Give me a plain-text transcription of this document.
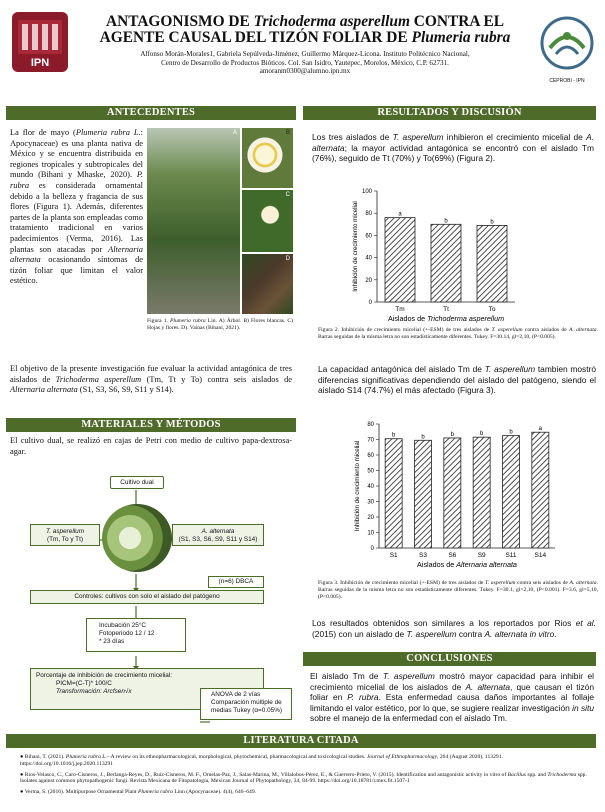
IPN
ANTAGONISMO DE Trichoderma asperellum CONTRA EL
AGENTE CAUSAL DEL TIZÓN FOLIAR DE Plumeria rubra
Alfonso Morán-Morales1, Gabriela Sepúlveda-Jiménez, Guillermo Márquez-Licona. Instituto Politécnico Nacional,
Centro de Desarrollo de Productos Bióticos. Col. San Isidro, Yautepec, Morelos, México, C.P. 62731.
amoranm0300@alumno.ipn.mx
CEPROBI - IPN
ANTECEDENTES
La flor de mayo (Plumeria rubra L.: Apocynaceae) es una planta nativa de México y se encuentra distribuida en regiones tropicales y subtropicales del mundo (Bihani y Mhaske, 2020). P. rubra es considerada ornamental debido a la belleza y fragancia de sus flores (Figura 1). Además, diferentes partes de la planta son empleadas como tratamiento tradicional en varios padecimientos (Verma, 2016). Las plantas son atacadas por Alternaria alternata ocasionando síntomas de tizón foliar que limitan el valor estético.
A	B
C
D
Figura 1. Plumeria rubra Lin. A) Árbol. B) Flores blancas. C) Hojas y flores. D). Vainas (Bihani, 2021).
El objetivo de la presente investigación fue evaluar la actividad antagónica de tres aislados de Trichoderma asperellum (Tm, Tt y To) contra seis aislados de Alternaria alternata (S1, S3, S6, S9, S11 y S14).
MATERIALES Y MÉTODOS
El cultivo dual, se realizó en cajas de Petri con medio de cultivo papa-dextrosa-agar.
Cultivo dual
T. asperellum
(Tm, To y Tt)
A. alternata
(S1, S3, S6, S9, S11 y S14)
(n=6) DBCA
Controles: cultivos con solo el aislado del patógeno
Incubación 25°C
Fotoperiodo 12 / 12
* 23 días
Porcentaje de inhibición de crecimiento micelial:
PICM=(C-T)* 100/C
Transformación: Arcfsen√x	ANOVA de 2 vías
Comparación múltiple de medias Tukey (α=0.05%)
RESULTADOS Y DISCUSIÓN
Los tres aislados de T. asperellum inhibieron el crecimiento micelial de A. alternata; la mayor actividad antagónica se encontró con el aislado Tm (76%), seguido de Tt (70%) y To(69%) (Figura 2).
0
20
40
60
80
100
a
Tm
b
Tt
b
To
Aislados de Trichoderma asperellum
Inhibición de crecimiento micelial
Figura 2. Inhibición de crecimiento micelial (+-ESM) de tres aislados de T. asperellum contra aislados de A. alternata. Barras seguidas de la misma letra no son estadísticamente diferentes. Tukey. F=30.14, gl=2,10, (P<0.005).
La capacidad antagónica del aislado Tm de T. asperellum tambien mostró diferencias significativas dependiendo del aislado del patógeno, siendo el aislado S14 (74.7%) el más afectado (Figura 3).
0
10
20
30
40
50
60
70
80
b
S1
b
S3
b
S6
b
S9
b
S11
a
S14
Aislados de Alternaria alternata
Inhibición de crecimiento micelial
Figura 3. Inhibición de crecimiento micelial (+-ESM) de tres aislados de T. asperellum contra seis aislados de A. alternata. Barras seguidas de la misma letra no son estadísticamente diferentes. Tukey. F=30.1, gl=2,10, (P<0.001). F=3.6, gl=5,10, (P<0.005).
Los resultados obtenidos son similares a los reportados por Rios et al. (2015) con un aislado de T. asperellum contra A. alternata in vitro.
CONCLUSIONES
El aislado Tm de T. asperellum mostró mayor capacidad para inhibir el crecimiento micelial de los aislados de A. alternata, que causan el tizón foliar en P. rubra. Esta enfermedad causa daños importantes al follaje limitando el valor estético, por lo que, se sugiere realizar investigación in situ sobre el manejo de la enfermedad con el aislado Tm.
LITERATURA CITADA
● Bihani, T. (2021). Plumeria rubra L.– A review on its ethnopharmacological, morphological, phytochemical, pharmacological and toxicological studies. Journal of Ethnopharmacology, 264 (August 2020), 113291. https://doi.org/10.1016/j.jep.2020.113291
● Rios-Velasco, C., Caro-Cisneros, J., Berlanga-Reyes, D., Ruíz-Cisneros, M. F., Ornelas-Paz, J., Salas-Marina, M., Villalobos-Pérez, E., & Guerrero-Prieto, V. (2015). Identification and antagonistic activity in vitro of Bacillus spp. and Trichoderma spp. Isolates against common phytopathogenic fungi. Revista Mexicana de Fitopatología, Mexican Journal of Phytopathology, 34, 84-99. https://doi.org/10.18781/r.mex.fit.1507-1
● Verma, S. (2016). Multipurpose Ornamental Plant Plumeria rubra Linn (Apocynaceae). 4(4), 646–649.
